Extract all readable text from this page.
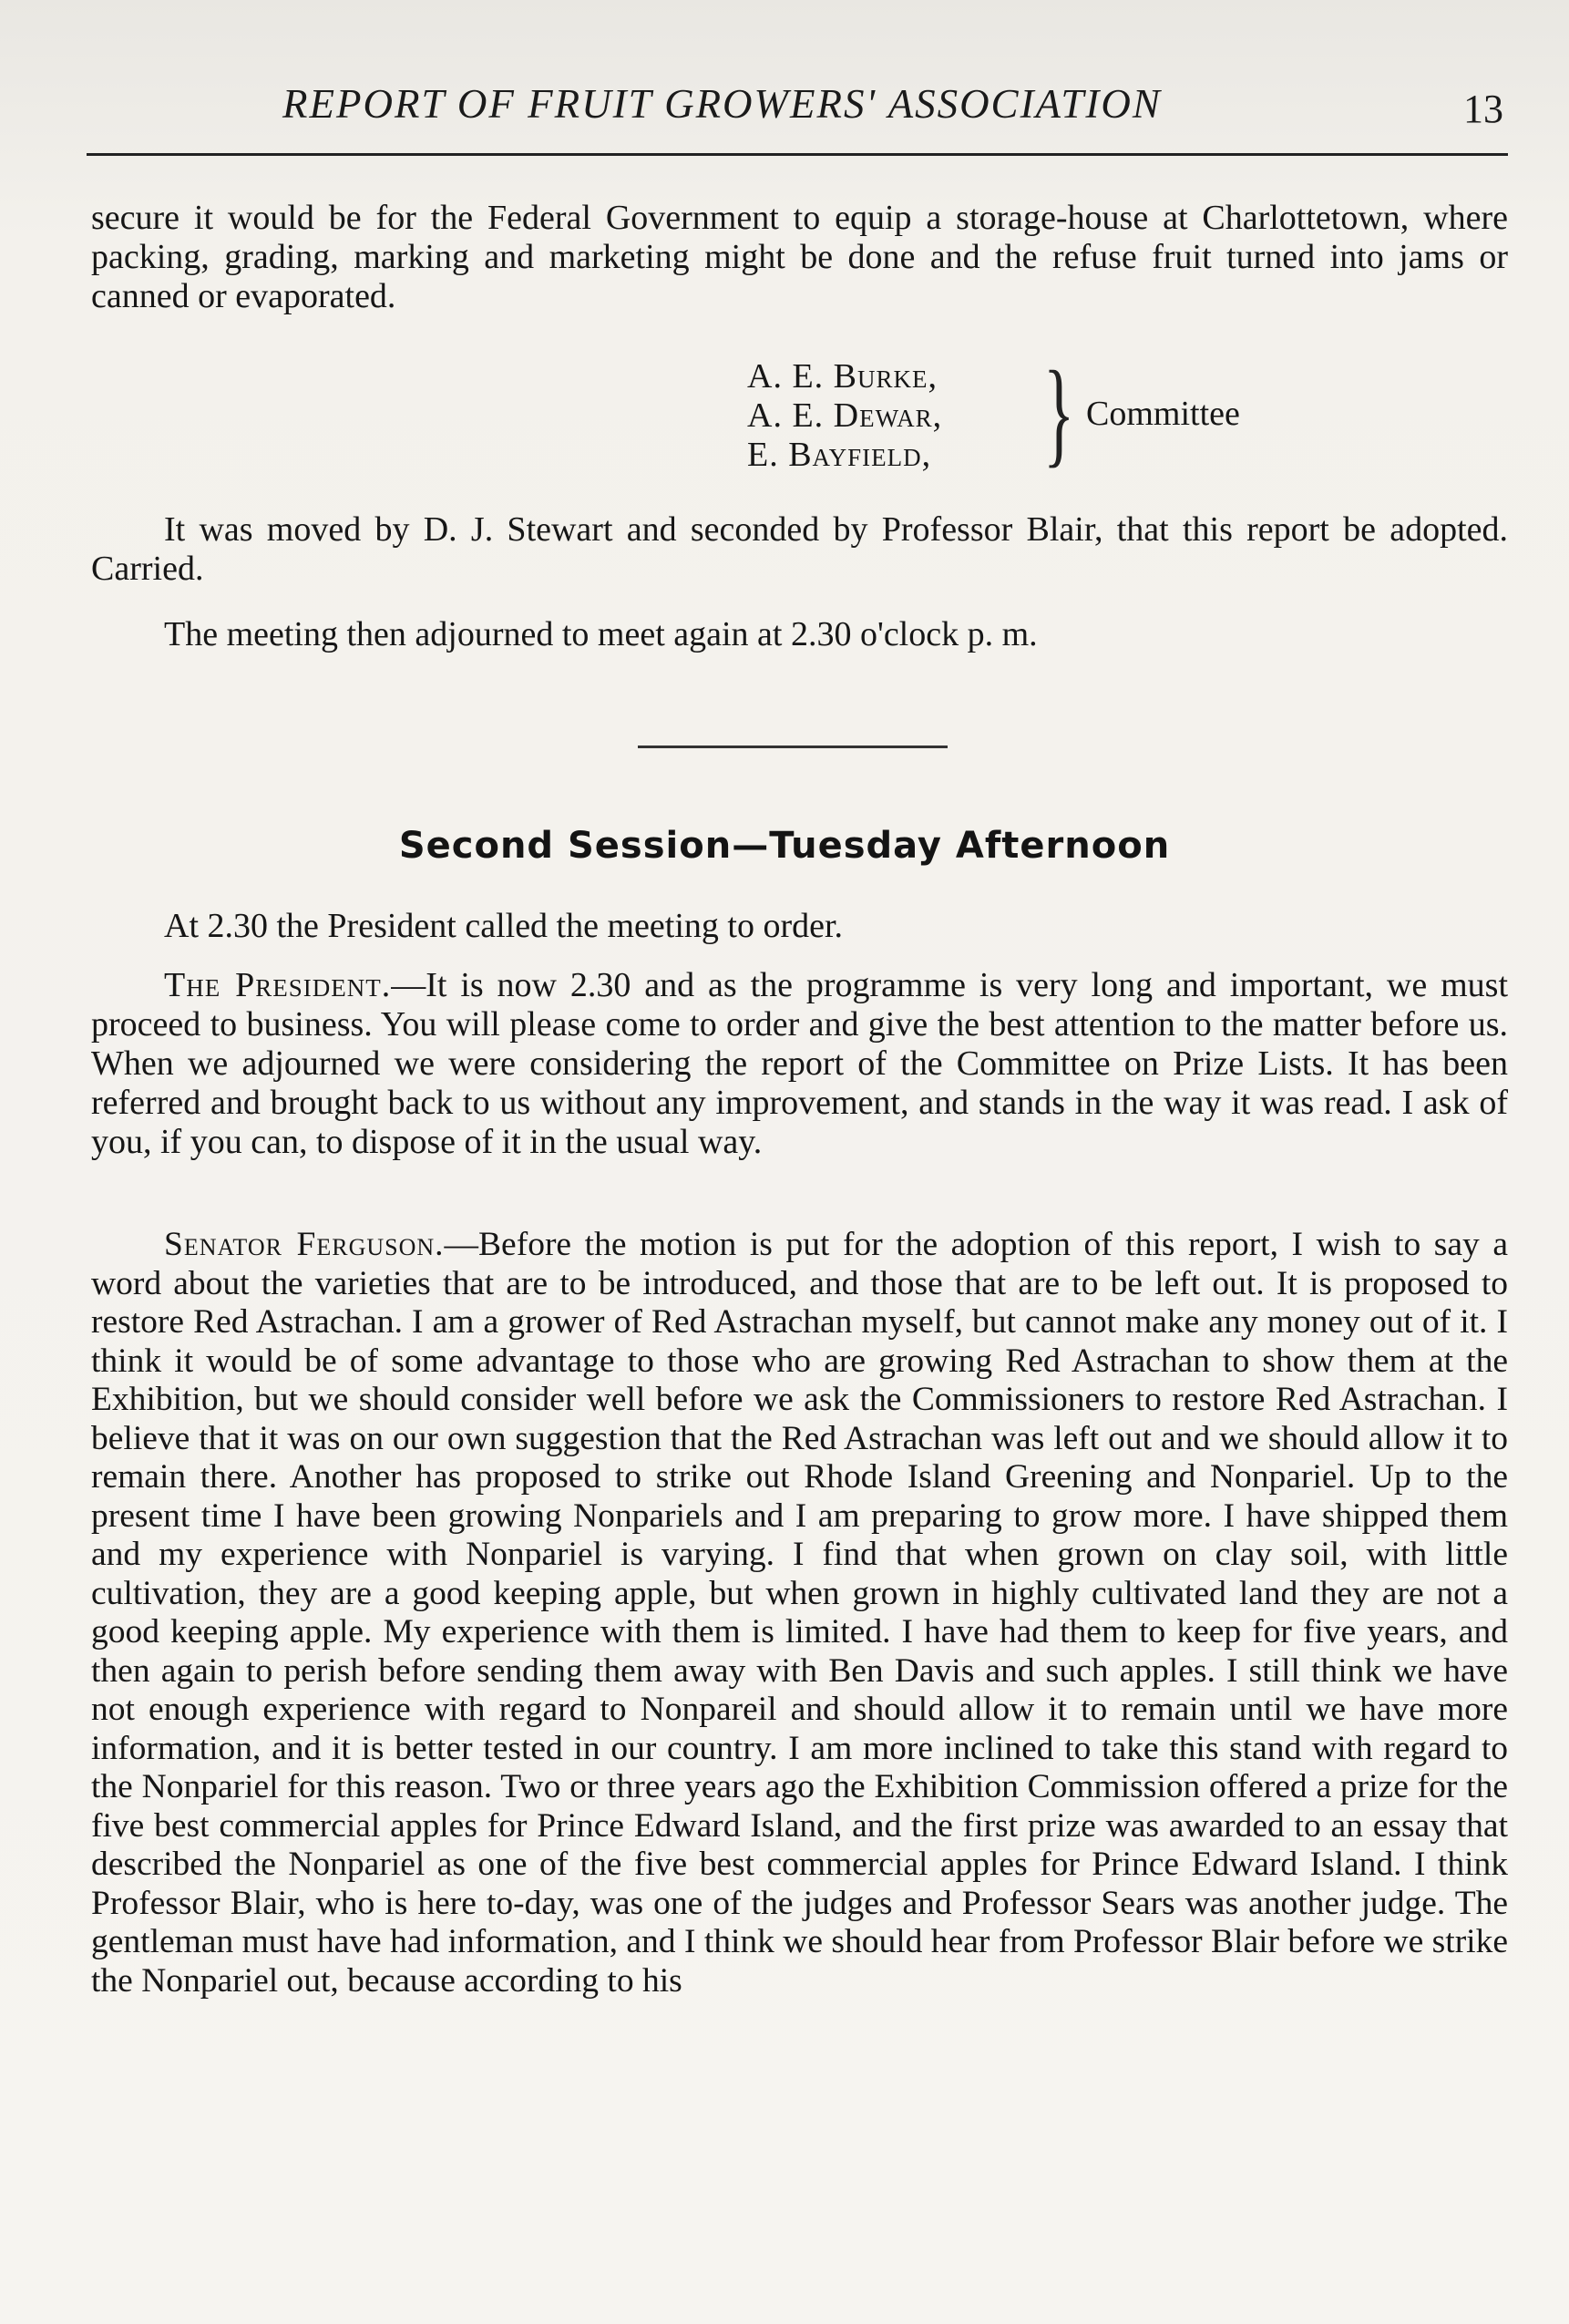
REPORT OF FRUIT GROWERS' ASSOCIATION	13

secure it would be for the Federal Government to equip a storage-house at Charlottetown, where packing, grading, marking and marketing might be done and the refuse fruit turned into jams or canned or evaporated.

A. E. Burke,
A. E. Dewar,
E. Bayfield, } Committee

It was moved by D. J. Stewart and seconded by Professor Blair, that this report be adopted. Carried.

The meeting then adjourned to meet again at 2.30 o'clock p. m.

Second Session—Tuesday Afternoon

At 2.30 the President called the meeting to order.

The President.—It is now 2.30 and as the programme is very long and important, we must proceed to business. You will please come to order and give the best attention to the matter before us. When we adjourned we were considering the report of the Committee on Prize Lists. It has been referred and brought back to us without any improvement, and stands in the way it was read. I ask of you, if you can, to dispose of it in the usual way.

Senator Ferguson.—Before the motion is put for the adoption of this report, I wish to say a word about the varieties that are to be introduced, and those that are to be left out. It is proposed to restore Red Astrachan. I am a grower of Red Astrachan myself, but cannot make any money out of it. I think it would be of some advantage to those who are growing Red Astrachan to show them at the Exhibition, but we should consider well before we ask the Commissioners to restore Red Astrachan. I believe that it was on our own suggestion that the Red Astrachan was left out and we should allow it to remain there. Another has proposed to strike out Rhode Island Greening and Nonpariel. Up to the present time I have been growing Nonpariels and I am preparing to grow more. I have shipped them and my experience with Nonpariel is varying. I find that when grown on clay soil, with little cultivation, they are a good keeping apple, but when grown in highly cultivated land they are not a good keeping apple. My experience with them is limited. I have had them to keep for five years, and then again to perish before sending them away with Ben Davis and such apples. I still think we have not enough experience with regard to Nonpareil and should allow it to remain until we have more information, and it is better tested in our country. I am more inclined to take this stand with regard to the Nonpariel for this reason. Two or three years ago the Exhibition Commission offered a prize for the five best commercial apples for Prince Edward Island, and the first prize was awarded to an essay that described the Nonpariel as one of the five best commercial apples for Prince Edward Island. I think Professor Blair, who is here to-day, was one of the judges and Professor Sears was another judge. The gentleman must have had information, and I think we should hear from Professor Blair before we strike the Nonpariel out, because according to his
